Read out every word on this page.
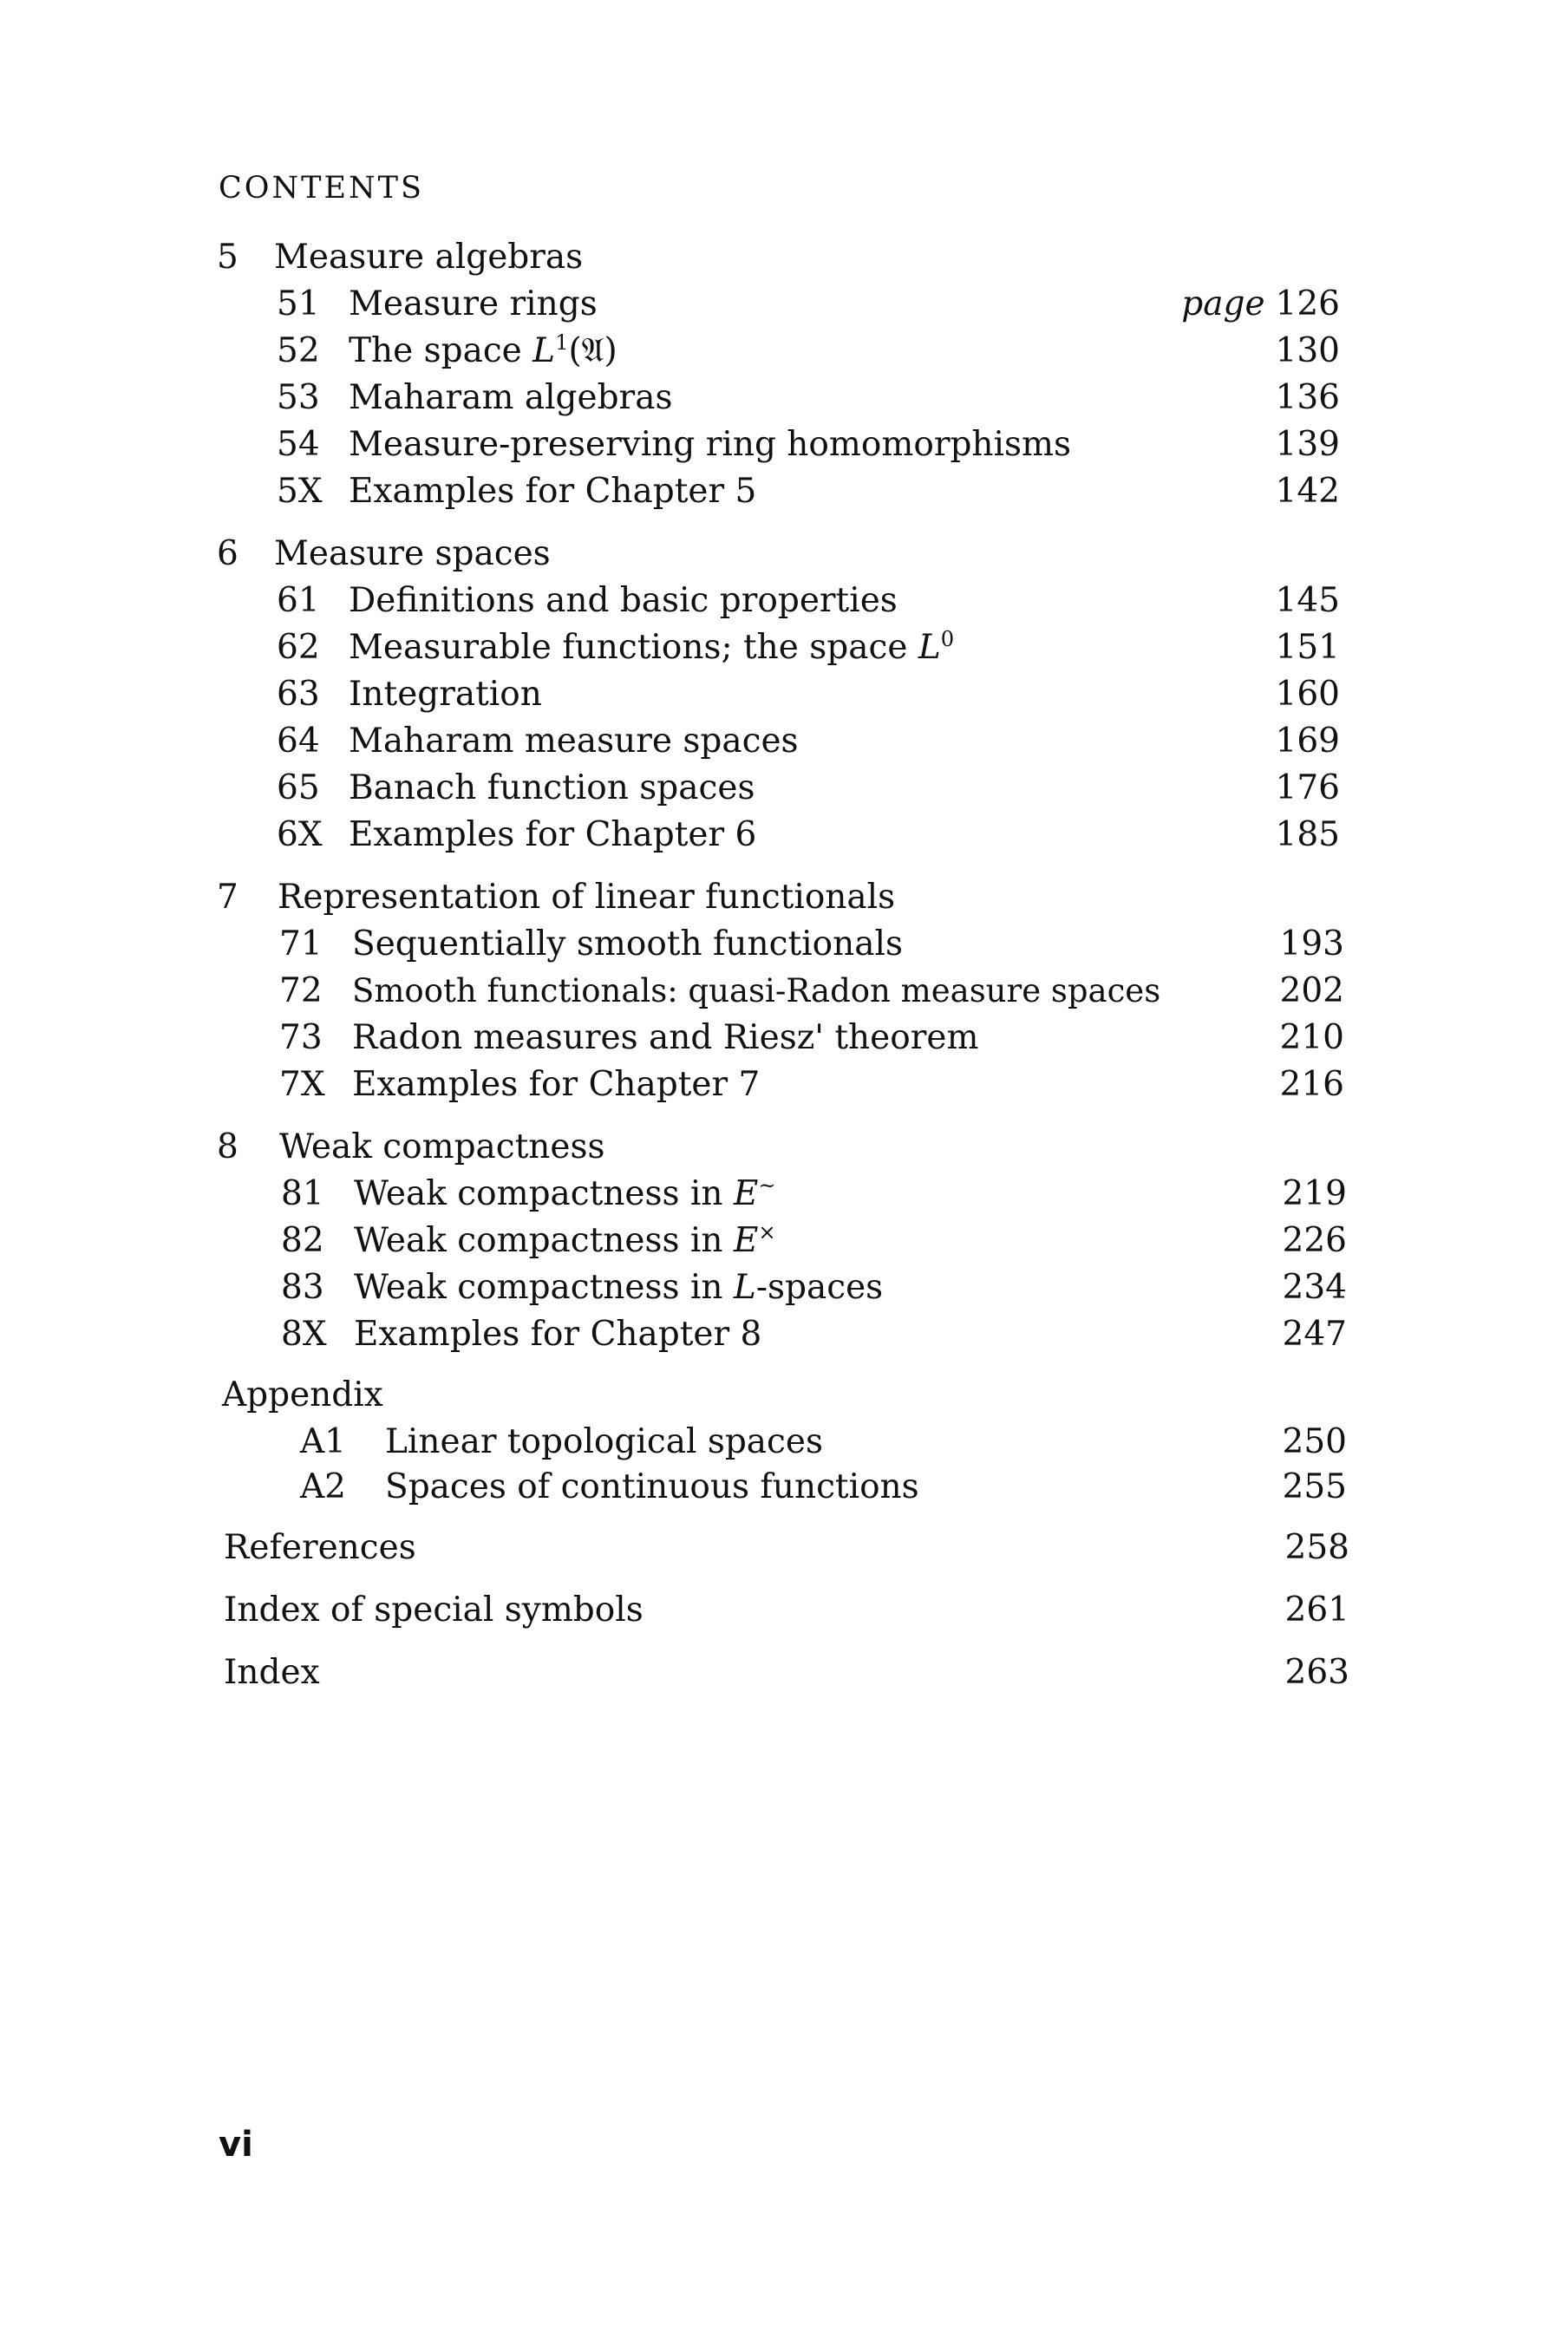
CONTENTS
5 Measure algebras
51 Measure rings	page 126
52 The space $L^1(𝔄)$	130
53 Maharam algebras	136
54 Measure-preserving ring homomorphisms	139
5X Examples for Chapter 5	142
6 Measure spaces
61 Definitions and basic properties	145
62 Measurable functions; the space $L^0$	151
63 Integration	160
64 Maharam measure spaces	169
65 Banach function spaces	176
6X Examples for Chapter 6	185
7 Representation of linear functionals
71 Sequentially smooth functionals	193
72 Smooth functionals: quasi-Radon measure spaces	202
73 Radon measures and Riesz' theorem	210
7X Examples for Chapter 7	216
8 Weak compactness
81 Weak compactness in E~	219
82 Weak compactness in E×	226
83 Weak compactness in L-spaces	234
8X Examples for Chapter 8	247
Appendix
A1 Linear topological spaces	250
A2 Spaces of continuous functions	255
References	258
Index of special symbols	261
Index	263
vi
